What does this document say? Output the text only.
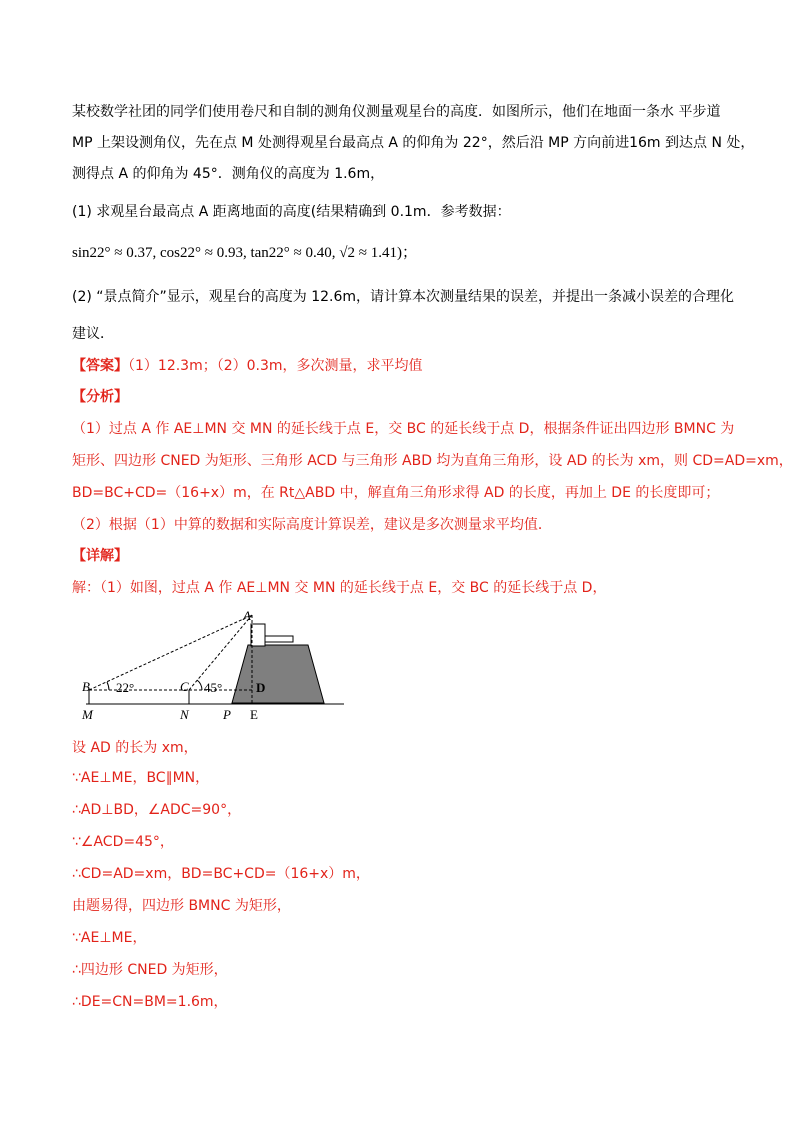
某校数学社团的同学们使用卷尺和自制的测角仪测量观星台的高度．如图所示，他们在地面一条水 平步道
MP 上架设测角仪，先在点 M 处测得观星台最高点 A 的仰角为 22°，然后沿 MP 方向前进16m 到达点 N 处，
测得点 A 的仰角为 45°．测角仪的高度为 1.6m，
(1) 求观星台最高点 A 距离地面的高度(结果精确到 0.1m．参考数据：
sin22° ≈ 0.37, cos22° ≈ 0.93, tan22° ≈ 0.40, √2 ≈ 1.41)；
(2) “景点简介”显示，观星台的高度为 12.6m，请计算本次测量结果的误差，并提出一条减小误差的合理化
建议．
【答案】（1）12.3m；（2）0.3m，多次测量，求平均值
【分析】
（1）过点 A 作 AE⊥MN 交 MN 的延长线于点 E，交 BC 的延长线于点 D，根据条件证出四边形 BMNC 为
矩形、四边形 CNED 为矩形、三角形 ACD 与三角形 ABD 均为直角三角形，设 AD 的长为 xm，则 CD=AD=xm，
BD=BC+CD=（16+x）m，在 Rt△ABD 中，解直角三角形求得 AD 的长度，再加上 DE 的长度即可；
（2）根据（1）中算的数据和实际高度计算误差，建议是多次测量求平均值．
【详解】
解：（1）如图，过点 A 作 AE⊥MN 交 MN 的延长线于点 E，交 BC 的延长线于点 D，
A
B 22°	C 45°	D
M	N	P E
设 AD 的长为 xm，
∵AE⊥ME，BC∥MN，
∴AD⊥BD，∠ADC=90°，
∵∠ACD=45°，
∴CD=AD=xm，BD=BC+CD=（16+x）m，
由题易得，四边形 BMNC 为矩形，
∵AE⊥ME，
∴四边形 CNED 为矩形，
∴DE=CN=BM=1.6m，
